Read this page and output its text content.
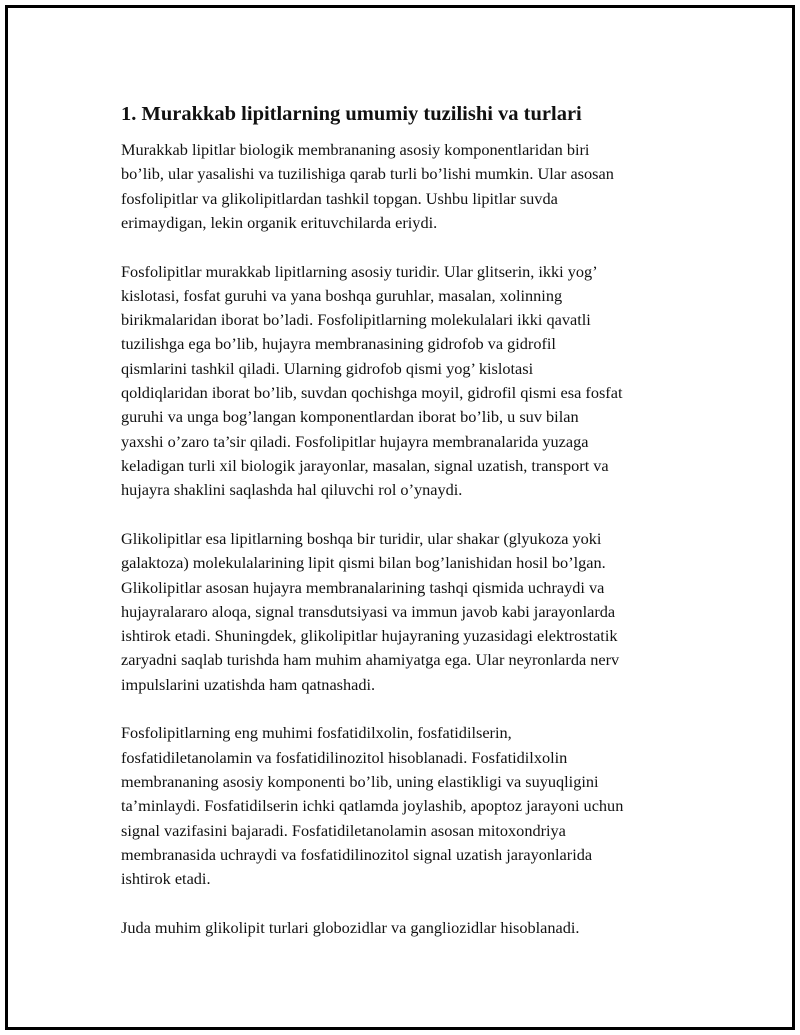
1. Murakkab lipitlarning umumiy tuzilishi va turlari

Murakkab lipitlar biologik membrananing asosiy komponentlaridan biri
bo’lib, ular yasalishi va tuzilishiga qarab turli bo’lishi mumkin. Ular asosan
fosfolipitlar va glikolipitlardan tashkil topgan. Ushbu lipitlar suvda
erimaydigan, lekin organik erituvchilarda eriydi.

Fosfolipitlar murakkab lipitlarning asosiy turidir. Ular glitserin, ikki yog’
kislotasi, fosfat guruhi va yana boshqa guruhlar, masalan, xolinning
birikmalaridan iborat bo’ladi. Fosfolipitlarning molekulalari ikki qavatli
tuzilishga ega bo’lib, hujayra membranasining gidrofob va gidrofil
qismlarini tashkil qiladi. Ularning gidrofob qismi yog’ kislotasi
qoldiqlaridan iborat bo’lib, suvdan qochishga moyil, gidrofil qismi esa fosfat
guruhi va unga bog’langan komponentlardan iborat bo’lib, u suv bilan
yaxshi o’zaro ta’sir qiladi. Fosfolipitlar hujayra membranalarida yuzaga
keladigan turli xil biologik jarayonlar, masalan, signal uzatish, transport va
hujayra shaklini saqlashda hal qiluvchi rol o’ynaydi.

Glikolipitlar esa lipitlarning boshqa bir turidir, ular shakar (glyukoza yoki
galaktoza) molekulalarining lipit qismi bilan bog’lanishidan hosil bo’lgan.
Glikolipitlar asosan hujayra membranalarining tashqi qismida uchraydi va
hujayralararo aloqa, signal transdutsiyasi va immun javob kabi jarayonlarda
ishtirok etadi. Shuningdek, glikolipitlar hujayraning yuzasidagi elektrostatik
zaryadni saqlab turishda ham muhim ahamiyatga ega. Ular neyronlarda nerv
impulslarini uzatishda ham qatnashadi.

Fosfolipitlarning eng muhimi fosfatidilxolin, fosfatidilserin,
fosfatidiletanolamin va fosfatidilinozitol hisoblanadi. Fosfatidilxolin
membrananing asosiy komponenti bo’lib, uning elastikligi va suyuqligini
ta’minlaydi. Fosfatidilserin ichki qatlamda joylashib, apoptoz jarayoni uchun
signal vazifasini bajaradi. Fosfatidiletanolamin asosan mitoxondriya
membranasida uchraydi va fosfatidilinozitol signal uzatish jarayonlarida
ishtirok etadi.

Juda muhim glikolipit turlari globozidlar va gangliozidlar hisoblanadi.
